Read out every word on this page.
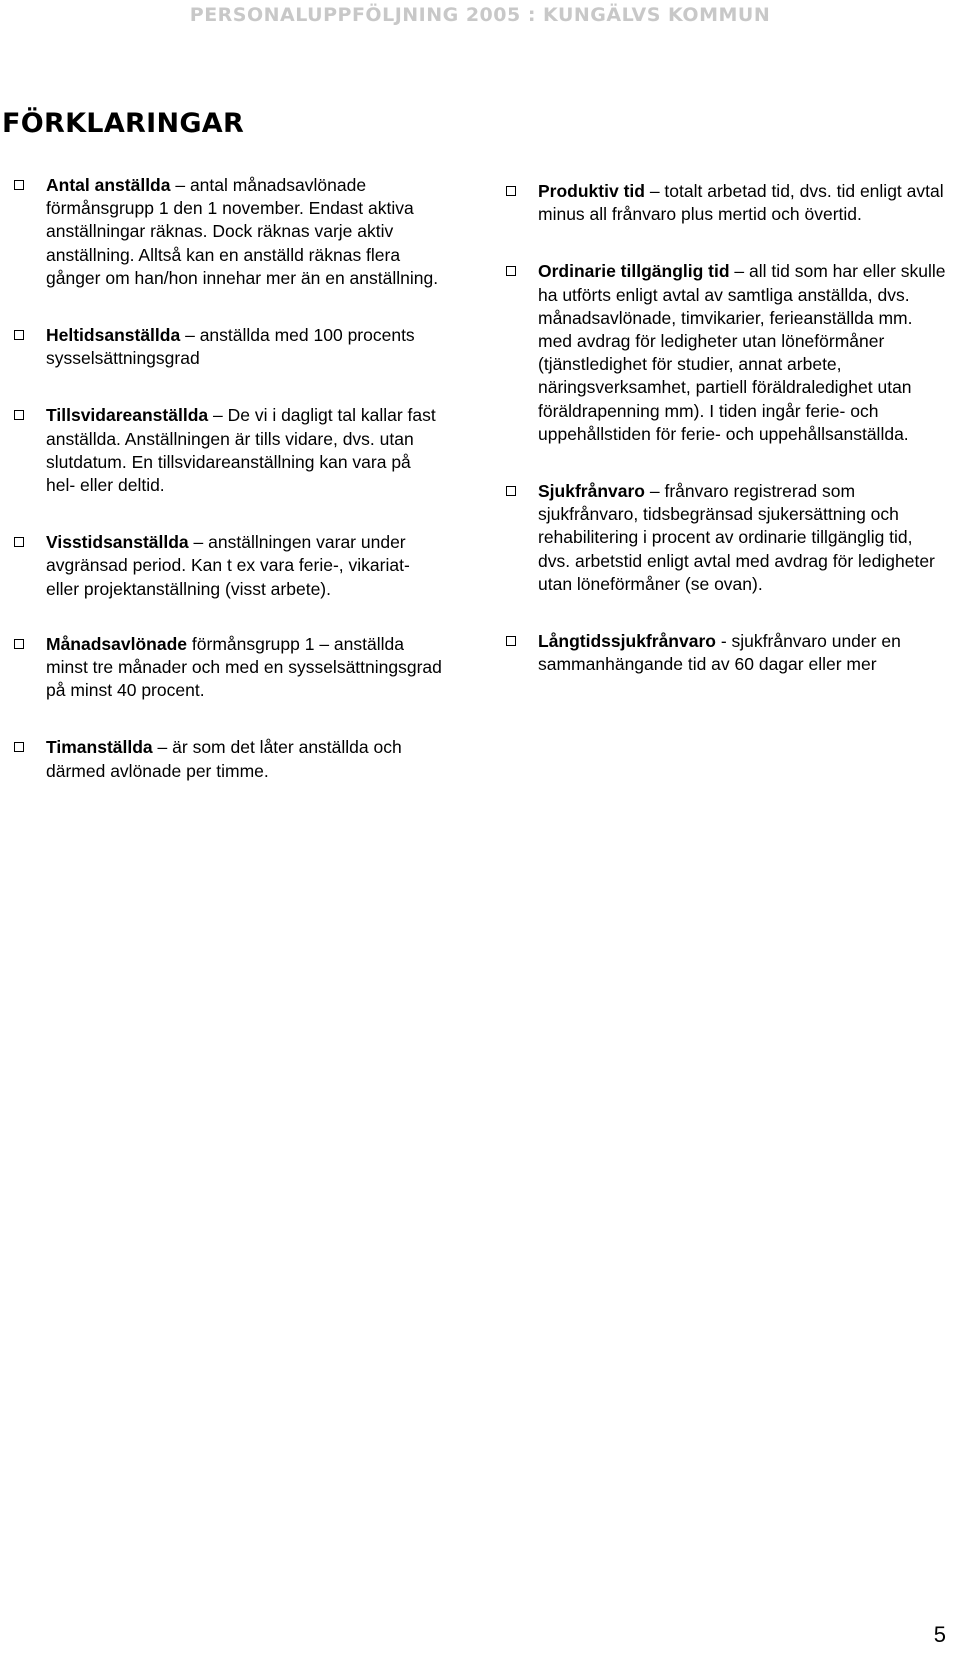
PERSONALUPPFÖLJNING 2005 : KUNGÄLVS KOMMUN
FÖRKLARINGAR
Antal anställda – antal månadsavlönade förmånsgrupp 1 den 1 november. Endast aktiva anställningar räknas. Dock räknas varje aktiv anställning. Alltså kan en anställd räknas flera gånger om han/hon innehar mer än en anställning.
Heltidsanställda – anställda med 100 procents sysselsättningsgrad
Tillsvidareanställda – De vi i dagligt tal kallar fast anställda. Anställningen är tills vidare, dvs. utan slutdatum. En tillsvidareanställning kan vara på hel- eller deltid.
Visstidsanställda – anställningen varar under avgränsad period. Kan t ex vara ferie-, vikariat- eller projektanställning (visst arbete).
Månadsavlönade förmånsgrupp 1 – anställda minst tre månader och med en sysselsättningsgrad på minst 40 procent.
Timanställda – är som det låter anställda och därmed avlönade per timme.
Produktiv tid – totalt arbetad tid, dvs. tid enligt avtal minus all frånvaro plus mertid och övertid.
Ordinarie tillgänglig tid – all tid som har eller skulle ha utförts enligt avtal av samtliga anställda, dvs. månadsavlönade, timvikarier, ferieanställda mm. med avdrag för ledigheter utan löneförmåner (tjänstledighet för studier, annat arbete, näringsverksamhet, partiell föräldraledighet utan föräldrapenning mm). I tiden ingår ferie- och uppehållstiden för ferie- och uppehållsanställda.
Sjukfrånvaro – frånvaro registrerad som sjukfrånvaro, tidsbegränsad sjukersättning och rehabilitering i procent av ordinarie tillgänglig tid, dvs. arbetstid enligt avtal med avdrag för ledigheter utan löneförmåner (se ovan).
Långtidssjukfrånvaro - sjukfrånvaro under en sammanhängande tid av 60 dagar eller mer
5
